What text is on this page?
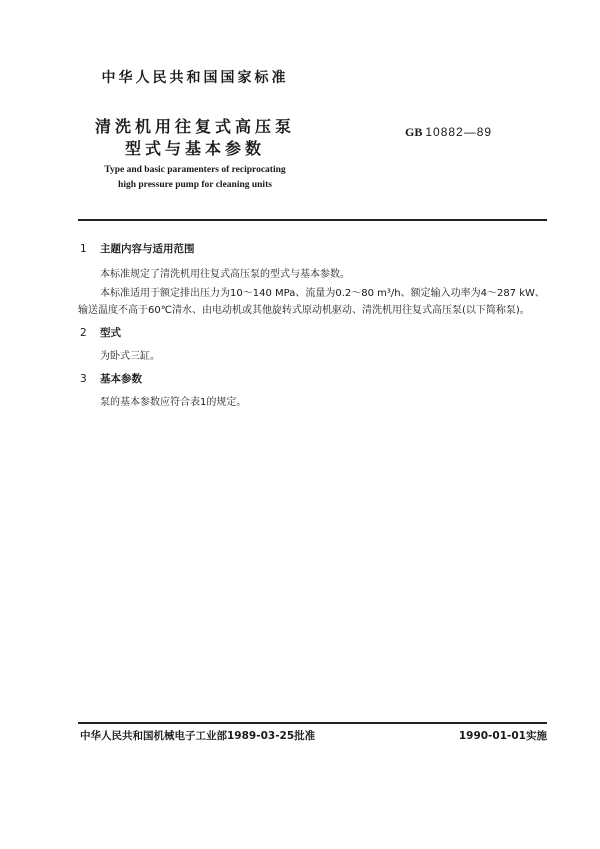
中华人民共和国国家标准
清洗机用往复式高压泵
型式与基本参数
GB 10882—89
Type and basic paramenters of reciprocating
high pressure pump for cleaning units
1 主题内容与适用范围
本标准规定了清洗机用往复式高压泵的型式与基本参数。
本标准适用于额定排出压力为10～140 MPa、流量为0.2～80 m³/h、额定输入功率为4～287 kW、
输送温度不高于60℃清水、由电动机或其他旋转式原动机驱动、清洗机用往复式高压泵(以下简称泵)。
2 型式
为卧式三缸。
3 基本参数
泵的基本参数应符合表1的规定。
中华人民共和国机械电子工业部1989-03-25批准	1990-01-01实施
